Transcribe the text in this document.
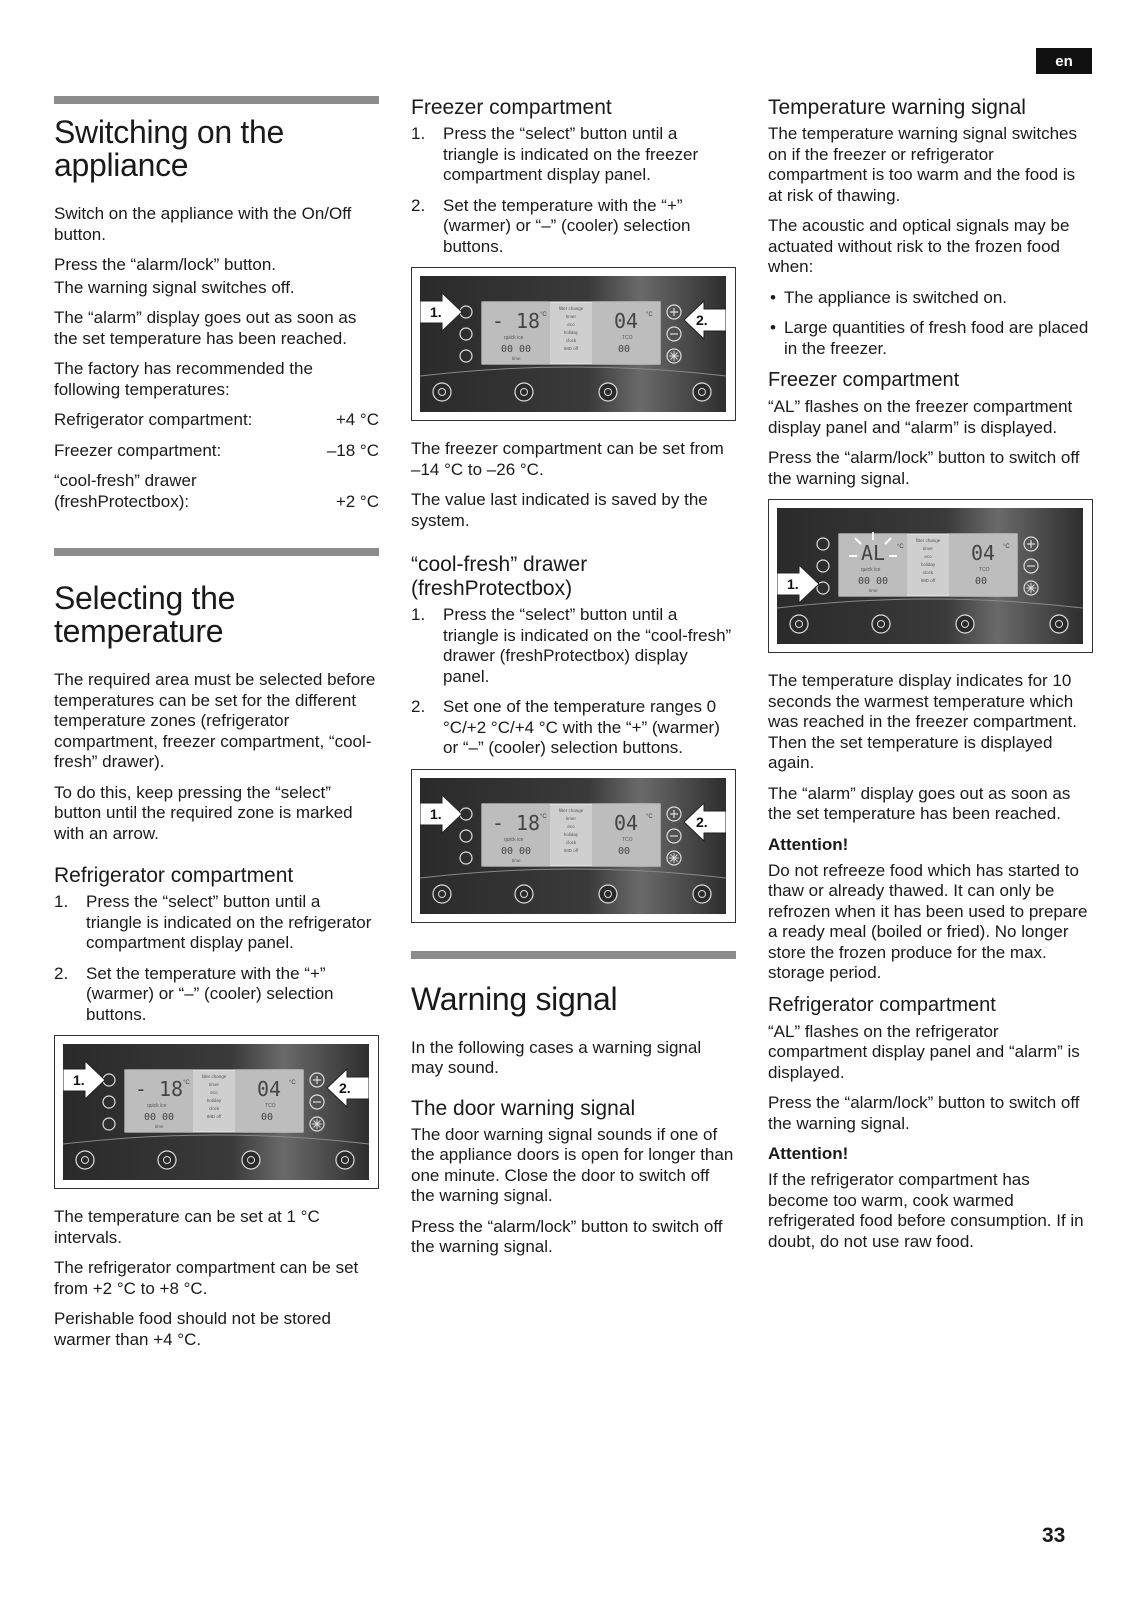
en
Switching on the appliance

Switch on the appliance with the On/Off button.

Press the “alarm/lock” button.

The warning signal switches off.

The “alarm” display goes out as soon as the set temperature has been reached.

The factory has recommended the following temperatures:

Refrigerator compartment:	+4 °C
Freezer compartment:	–18 °C
“cool-fresh” drawer (freshProtectbox):	+2 °C
Selecting the temperature

The required area must be selected before temperatures can be set for the different temperature zones (refrigerator compartment, freezer compartment, “cool-fresh” drawer).

To do this, keep pressing the “select” button until the required zone is marked with an arrow.

Refrigerator compartment
1. Press the “select” button until a triangle is indicated on the refrigerator compartment display panel.
2. Set the temperature with the “+” (warmer) or “–” (cooler) selection buttons.
- 18 °C	04 °C
quick ice
00 00
time
TCO
00
filter change
timer
eco
holiday
clock
IMD off
1.	2.

The temperature can be set at 1 °C intervals.

The refrigerator compartment can be set from +2 °C to +8 °C.

Perishable food should not be stored warmer than +4 °C.

Freezer compartment
1. Press the “select” button until a triangle is indicated on the freezer compartment display panel.
2. Set the temperature with the “+” (warmer) or “–” (cooler) selection buttons.
- 18 °C	04 °C
quick ice
00 00
time
TCO
00
filter change
timer
eco
holiday
clock
IMD off
1.	2.

The freezer compartment can be set from –14 °C to –26 °C.

The value last indicated is saved by the system.

“cool-fresh” drawer (freshProtectbox)
1. Press the “select” button until a triangle is indicated on the “cool-fresh” drawer (freshProtectbox) display panel.
2. Set one of the temperature ranges 0 °C/+2 °C/+4 °C with the “+” (warmer) or “–” (cooler) selection buttons.
- 18 °C	04 °C
quick ice
00 00
time
TCO
00
filter change
timer
eco
holiday
clock
IMD off
1.	2.
Warning signal

In the following cases a warning signal may sound.

The door warning signal

The door warning signal sounds if one of the appliance doors is open for longer than one minute. Close the door to switch off the warning signal.

Press the “alarm/lock” button to switch off the warning signal.

Temperature warning signal

The temperature warning signal switches on if the freezer or refrigerator compartment is too warm and the food is at risk of thawing.

The acoustic and optical signals may be actuated without risk to the frozen food when:

• The appliance is switched on.
• Large quantities of fresh food are placed in the freezer.
Freezer compartment

“AL” flashes on the freezer compartment display panel and “alarm” is displayed.

Press the “alarm/lock” button to switch off the warning signal.

AL °C	04 °C
quick ice
00 00
time
TCO
00
filter change
timer
eco
holiday
clock
IMD off
1.

The temperature display indicates for 10 seconds the warmest temperature which was reached in the freezer compartment. Then the set temperature is displayed again.

The “alarm” display goes out as soon as the set temperature has been reached.

Attention!

Do not refreeze food which has started to thaw or already thawed. It can only be refrozen when it has been used to prepare a ready meal (boiled or fried). No longer store the frozen produce for the max. storage period.

Refrigerator compartment

“AL” flashes on the refrigerator compartment display panel and “alarm” is displayed.

Press the “alarm/lock” button to switch off the warning signal.

Attention!

If the refrigerator compartment has become too warm, cook warmed refrigerated food before consumption. If in doubt, do not use raw food.

33
